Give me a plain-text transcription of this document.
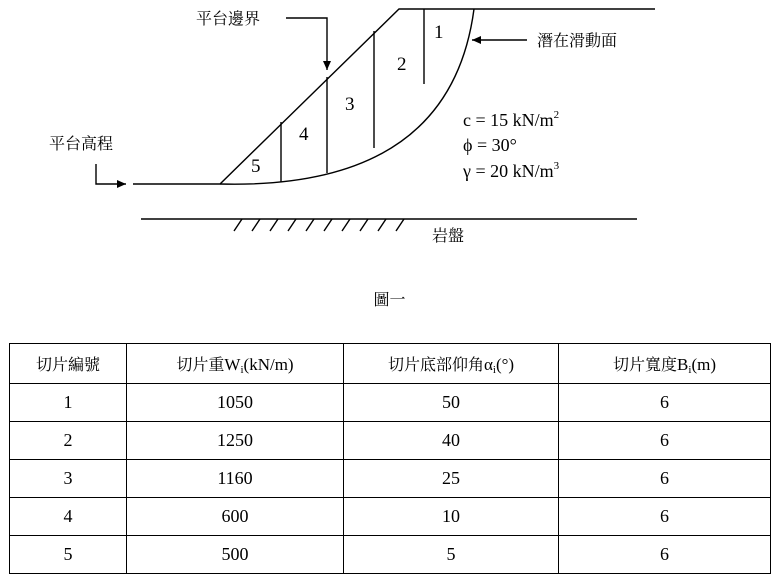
1
2
3
4
5
平台邊界
潛在滑動面
平台高程
岩盤
c = 15 $kN/m^2$
ϕ = 30°
γ = 20 $kN/m^3$
圖一
切片編號	切片重$W_i(kN/m)$	切片底部仰角$\alpha_i(^\circ)$	切片寬度$B_i(m)$
1	1050	50	6
2	1250	40	6
3	1160	25	6
4	600	10	6
5	500	5	6
